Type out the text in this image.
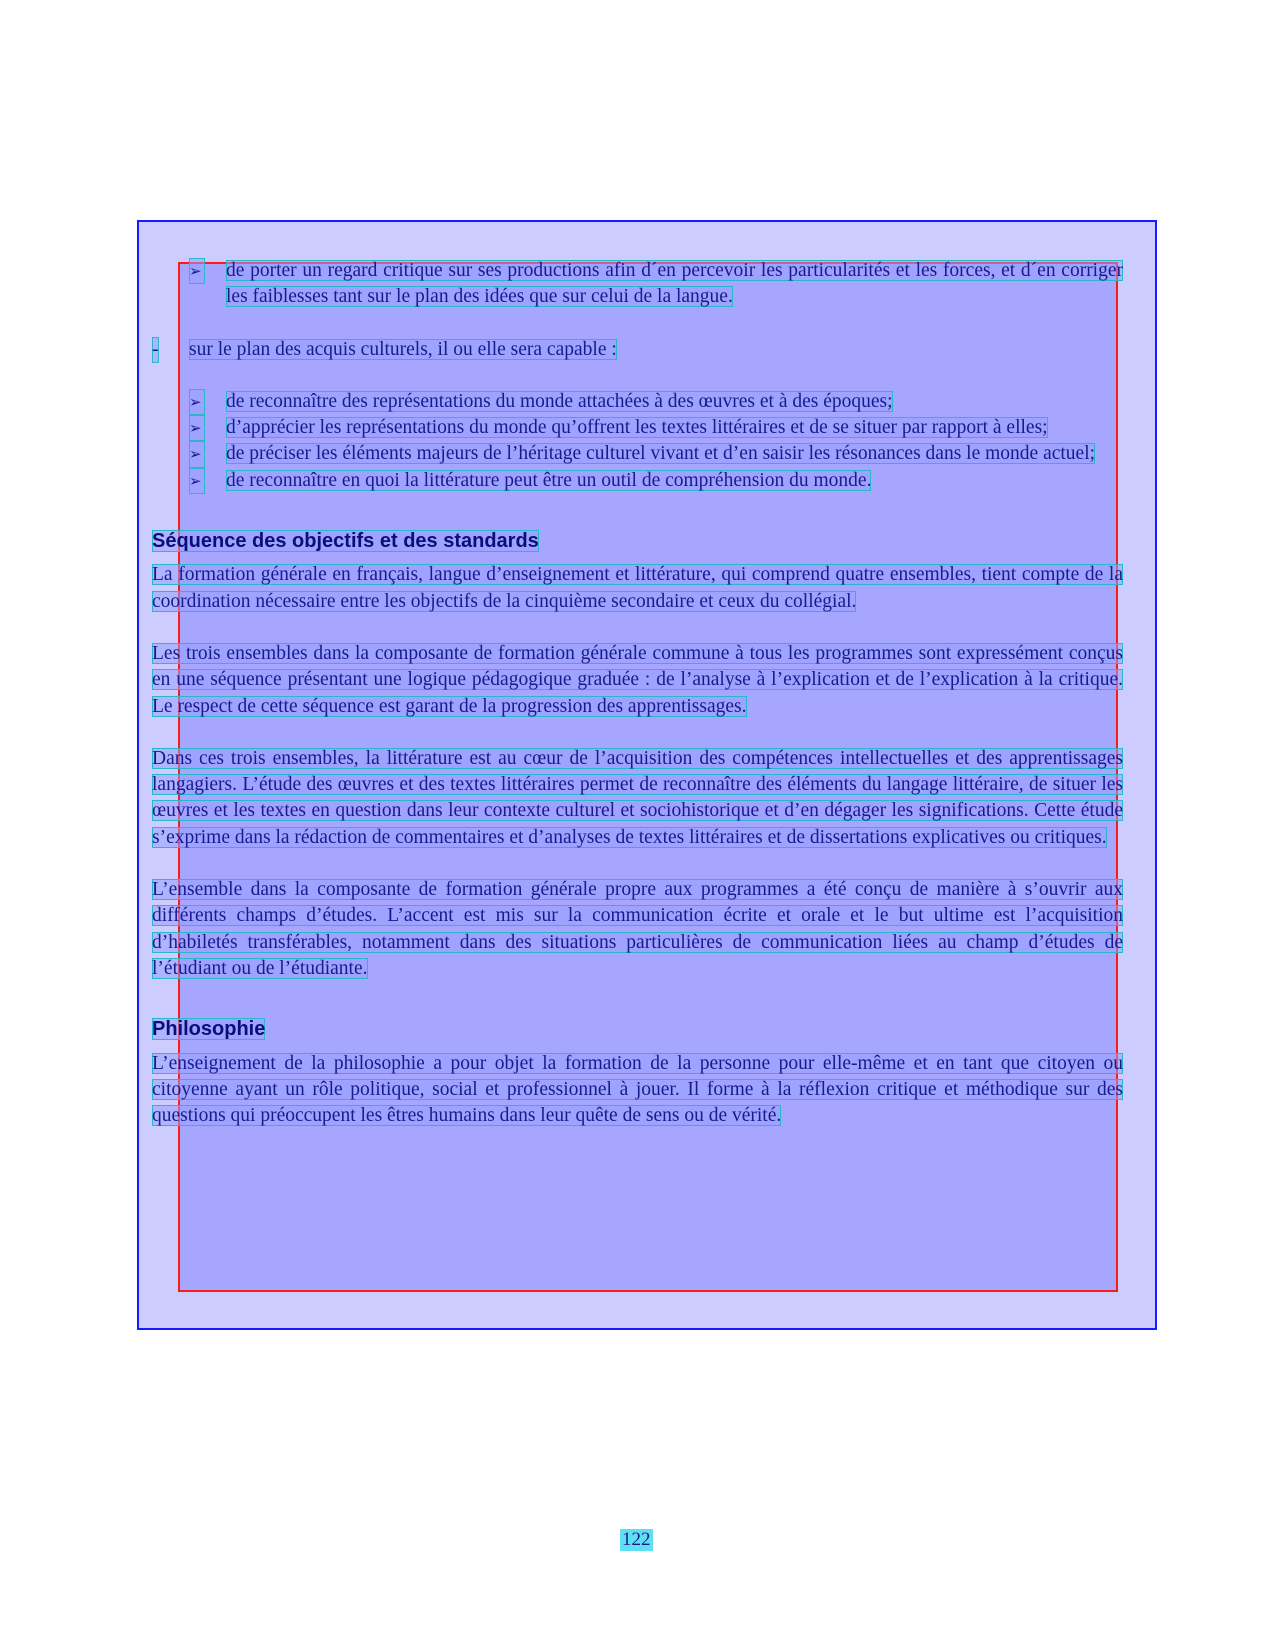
➢ de porter un regard critique sur ses productions afin d´en percevoir les particularités et les forces, et d´en corriger les faiblesses tant sur le plan des idées que sur celui de la langue.
- sur le plan des acquis culturels, il ou elle sera capable :
➢ de reconnaître des représentations du monde attachées à des œuvres et à des époques;
➢ d’apprécier les représentations du monde qu’offrent les textes littéraires et de se situer par rapport à elles;
➢ de préciser les éléments majeurs de l’héritage culturel vivant et d’en saisir les résonances dans le monde actuel;
➢ de reconnaître en quoi la littérature peut être un outil de compréhension du monde.
Séquence des objectifs et des standards

La formation générale en français, langue d’enseignement et littérature, qui comprend quatre ensembles, tient compte de la coordination nécessaire entre les objectifs de la cinquième secondaire et ceux du collégial.

Les trois ensembles dans la composante de formation générale commune à tous les programmes sont expressément conçus en une séquence présentant une logique pédagogique graduée : de l’analyse à l’explication et de l’explication à la critique. Le respect de cette séquence est garant de la progression des apprentissages.

Dans ces trois ensembles, la littérature est au cœur de l’acquisition des compétences intellectuelles et des apprentissages langagiers. L’étude des œuvres et des textes littéraires permet de reconnaître des éléments du langage littéraire, de situer les œuvres et les textes en question dans leur contexte culturel et sociohistorique et d’en dégager les significations. Cette étude s’exprime dans la rédaction de commentaires et d’analyses de textes littéraires et de dissertations explicatives ou critiques.

L’ensemble dans la composante de formation générale propre aux programmes a été conçu de manière à s’ouvrir aux différents champs d’études. L’accent est mis sur la communication écrite et orale et le but ultime est l’acquisition d’habiletés transférables, notamment dans des situations particulières de communication liées au champ d’études de l’étudiant ou de l’étudiante.

Philosophie

L’enseignement de la philosophie a pour objet la formation de la personne pour elle-même et en tant que citoyen ou citoyenne ayant un rôle politique, social et professionnel à jouer. Il forme à la réflexion critique et méthodique sur des questions qui préoccupent les êtres humains dans leur quête de sens ou de vérité.

122
